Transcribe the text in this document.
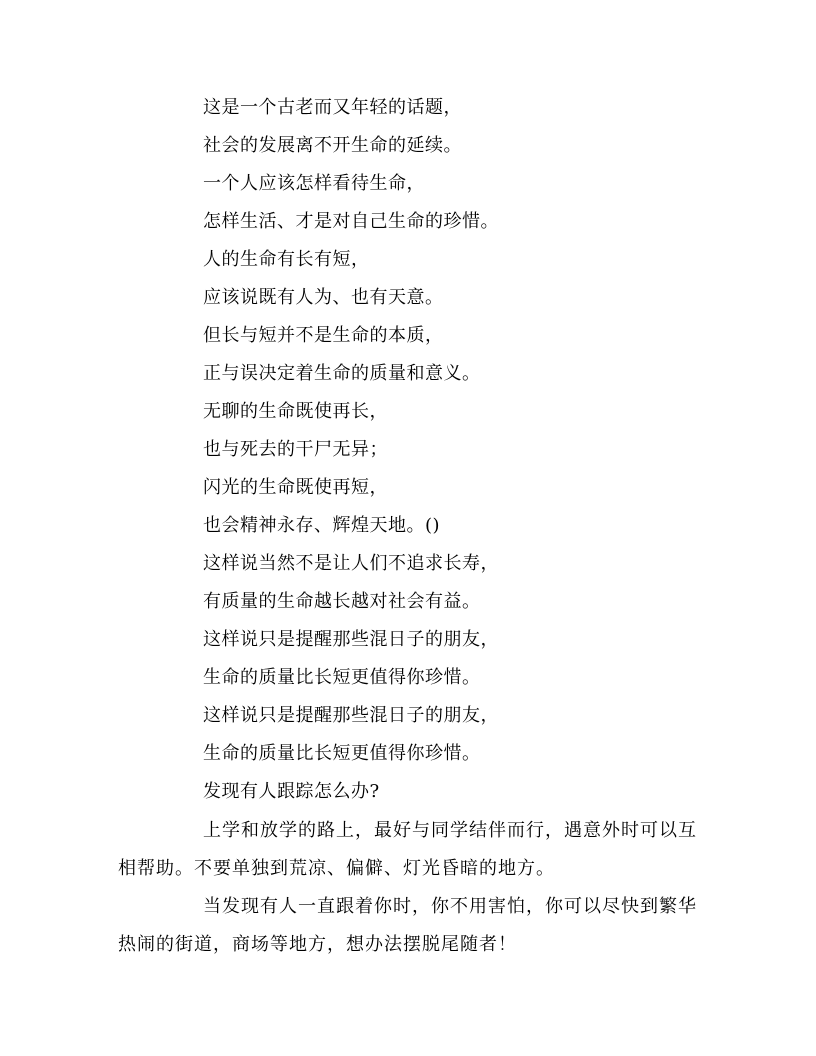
这是一个古老而又年轻的话题，
社会的发展离不开生命的延续。
一个人应该怎样看待生命，
怎样生活、才是对自己生命的珍惜。
人的生命有长有短，
应该说既有人为、也有天意。
但长与短并不是生命的本质，
正与误决定着生命的质量和意义。
无聊的生命既使再长，
也与死去的干尸无异；
闪光的生命既使再短，
也会精神永存、辉煌天地。()
这样说当然不是让人们不追求长寿，
有质量的生命越长越对社会有益。
这样说只是提醒那些混日子的朋友，
生命的质量比长短更值得你珍惜。
这样说只是提醒那些混日子的朋友，
生命的质量比长短更值得你珍惜。
发现有人跟踪怎么办?
上学和放学的路上，最好与同学结伴而行，遇意外时可以互相帮助。不要单独到荒凉、偏僻、灯光昏暗的地方。
当发现有人一直跟着你时，你不用害怕，你可以尽快到繁华热闹的街道，商场等地方，想办法摆脱尾随者！
